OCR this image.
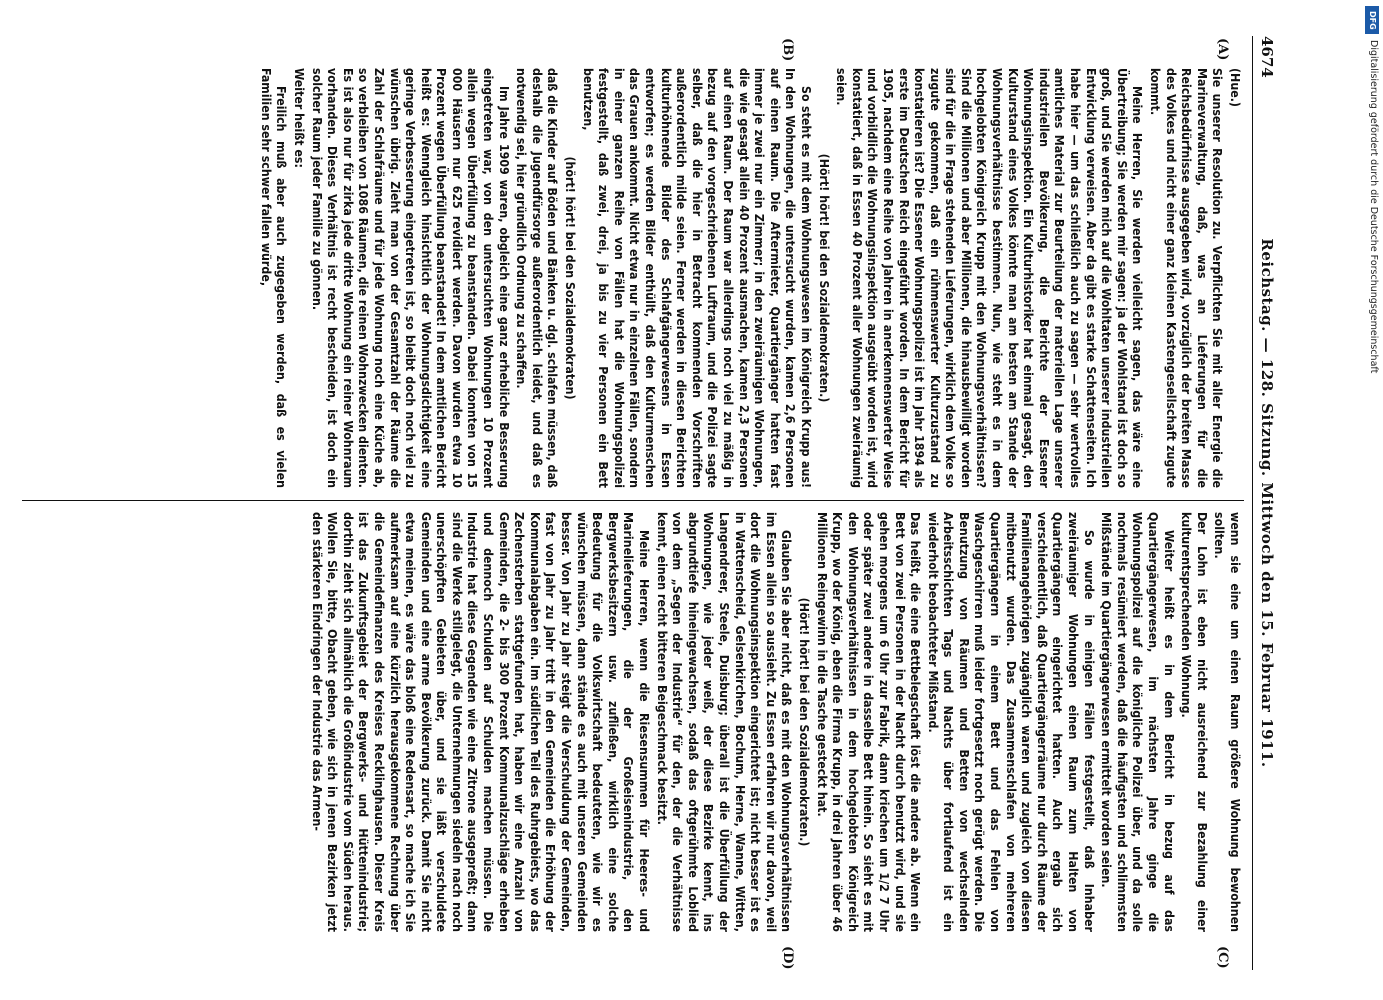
4674
Reichstag. — 128. Sitzung. Mittwoch den 15. Februar 1911.
(A)
(B)
(C)
(D)

(Hue.)

Sie unserer Resolution zu. Verpflichten Sie mit aller Energie die Marineverwaltung, daß, was an Lieferungen für die Reichsbedürfnisse ausgegeben wird, vorzüglich der breiten Masse des Volkes und nicht einer ganz kleinen Kastengesellschaft zugute kommt.

Meine Herren, Sie werden vielleicht sagen, das wäre eine Übertreibung; Sie werden mir sagen: ja der Wohlstand ist doch so groß, und Sie werden mich auf die Wohltaten unserer industriellen Entwicklung verweisen. Aber da gibt es starke Schattenseiten. Ich habe hier — um das schließlich auch zu sagen — sehr wertvolles amtliches Material zur Beurteilung der materiellen Lage unserer industriellen Bevölkerung, die Berichte der Essener Wohnungsinspektion. Ein Kulturhistoriker hat einmal gesagt, den Kulturstand eines Volkes könnte man am besten am Stande der Wohnungsverhältnisse bestimmen. Nun, wie steht es in dem hochgelobten Königreich Krupp mit den Wohnungsverhältnissen? Sind die Millionen und aber Millionen, die hinausbewilligt worden sind für die in Frage stehenden Lieferungen, wirklich dem Volke so zugute gekommen, daß ein rühmenswerter Kulturzustand zu konstatieren ist? Die Essener Wohnungspolizei ist im Jahr 1894 als erste im Deutschen Reich eingeführt worden. In dem Bericht für 1905, nachdem eine Reihe von Jahren in anerkennenswerter Weise und vorbildlich die Wohnungsinspektion ausgeübt worden ist, wird konstatiert, daß in Essen 40 Prozent aller Wohnungen zweiräumig seien.

(Hört! hört! bei den Sozialdemokraten.)

So steht es mit dem Wohnungswesen im Königreich Krupp aus! In den Wohnungen, die untersucht wurden, kamen 2,6 Personen auf einen Raum. Die Aftermieter, Quartiergänger hatten fast immer je zwei nur ein Zimmer; in den zweiräumigen Wohnungen, die wie gesagt allein 40 Prozent ausmachen, kamen 2,3 Personen auf einen Raum. Der Raum war allerdings noch viel zu mäßig in bezug auf den vorgeschriebenen Luftraum, und die Polizei sagte selber, daß die hier in Betracht kommenden Vorschriften außerordentlich milde seien. Ferner werden in diesen Berichten kulturhöhnende Bilder des Schlafgängerwesens in Essen entworfen; es werden Bilder enthüllt, daß den Kulturmenschen das Grauen ankommt. Nicht etwa nur in einzelnen Fällen, sondern in einer ganzen Reihe von Fällen hat die Wohnungspolizei festgestellt, daß zwei, drei, ja bis zu vier Personen ein Bett benutzen,

(hört! hört! bei den Sozialdemokraten)

daß die Kinder auf Böden und Bänken u. dgl. schlafen müssen, daß deshalb die Jugendfürsorge außerordentlich leidet, und daß es notwendig sei, hier gründlich Ordnung zu schaffen.

Im Jahre 1909 waren, obgleich eine ganz erhebliche Besserung eingetreten war, von den untersuchten Wohnungen 10 Prozent allein wegen Überfüllung zu beanstanden. Dabei konnten von 15 000 Häusern nur 625 revidiert werden. Davon wurden etwa 10 Prozent wegen Überfüllung beanstandet! In dem amtlichen Bericht heißt es: Wenngleich hinsichtlich der Wohnungsdichtigkeit eine geringe Verbesserung eingetreten ist, so bleibt doch noch viel zu wünschen übrig. Zieht man von der Gesamtzahl der Räume die Zahl der Schlafräume und für jede Wohnung noch eine Küche ab, so verbleiben von 1086 Räumen, die reinen Wohnzwecken dienten. Es ist also nur für zirka jede dritte Wohnung ein reiner Wohnraum vorhanden. Dieses Verhältnis ist recht bescheiden, ist doch ein solcher Raum jeder Familie zu gönnen.

Weiter heißt es:

Freilich muß aber auch zugegeben werden, daß es vielen Familien sehr schwer fallen würde,

wenn sie eine um einen Raum größere Wohnung bewohnen sollten.

Der Lohn ist eben nicht ausreichend zur Bezahlung einer kulturentsprechenden Wohnung.

Weiter heißt es in dem Bericht in bezug auf das Quartiergängerwesen, im nächsten Jahre ginge die Wohnungspolizei auf die königliche Polizei über, und da solle nochmals resümiert werden, daß die häufigsten und schlimmsten Mißstände im Quartiergängerwesen ermittelt worden seien.

So wurde in einigen Fällen festgestellt, daß Inhaber zweiräumiger Wohnungen einen Raum zum Halten von Quartiergängern eingerichtet hatten. Auch ergab sich verschiedentlich, daß Quartiergängerräume nur durch Räume der Familienangehörigen zugänglich waren und zugleich von diesen mitbenutzt wurden. Das Zusammenschlafen von mehreren Quartiergängern in einem Bett und das Fehlen von Waschgeschirren muß leider fortgesetzt noch gerügt werden. Die Benutzung von Räumen und Betten von wechselnden Arbeitsschichten Tags und Nachts über fortlaufend ist ein wiederholt beobachteter Mißstand.

Das heißt, die eine Bettbelegschaft löst die andere ab. Wenn ein Bett von zwei Personen in der Nacht durch benutzt wird, und sie gehen morgens um 6 Uhr zur Fabrik, dann kriechen um 1/2 7 Uhr oder später zwei andere in dasselbe Bett hinein. So sieht es mit den Wohnungsverhältnissen in dem hochgelobten Königreich Krupp, wo der König, eben die Firma Krupp, in drei Jahren über 46 Millionen Reingewinn in die Tasche gesteckt hat.

(Hört! hört! bei den Sozialdemokraten.)

Glauben Sie aber nicht, daß es mit den Wohnungsverhältnissen im Essen allein so aussieht. Zu Essen erfahren wir nur davon, weil dort die Wohnungsinspektion eingerichtet ist; nicht besser ist es in Wattenscheid, Gelsenkirchen, Bochum, Herne, Wanne, Witten, Langendreer, Steele, Duisburg; überall ist die Überfüllung der Wohnungen, wie jeder weiß, der diese Bezirke kennt, ins abgrundtiefe hineingewachsen, sodaß das oftgerühmte Loblied von dem „Segen der Industrie“ für den, der die Verhältnisse kennt, einen recht bitteren Beigeschmack besitzt.

Meine Herren, wenn die Riesensummen für Heeres- und Marinelieferungen, die der Großeisenindustrie, den Bergwerksbesitzern usw. zufließen, wirklich eine solche Bedeutung für die Volkswirtschaft bedeuteten, wie wir es wünschen müssen, dann stände es auch mit unseren Gemeinden besser. Von Jahr zu Jahr steigt die Verschuldung der Gemeinden, fast von Jahr zu Jahr tritt in den Gemeinden die Erhöhung der Kommunalabgaben ein. Im südlichen Teil des Ruhrgebiets, wo das Zechensterben stattgefunden hat, haben wir eine Anzahl von Gemeinden, die 2- bis 300 Prozent Kommunalzuschläge erheben und dennoch Schulden auf Schulden machen müssen. Die Industrie hat diese Gegenden wie eine Zitrone ausgepreßt; dann sind die Werke stillgelegt, die Unternehmungen siedeln nach noch unerschöpften Gebieten über, und sie läßt verschuldete Gemeinden und eine arme Bevölkerung zurück. Damit Sie nicht etwa meinen, es wäre das bloß eine Redensart, so mache ich Sie aufmerksam auf eine kürzlich herausgekommene Rechnung über die Gemeindefinanzen des Kreises Recklinghausen. Dieser Kreis ist das Zukunftsgebiet der Bergwerks- und Hüttenindustrie; dorthin zieht sich allmählich die Großindustrie vom Süden heraus. Wollen Sie, bitte, Obacht geben, wie sich in jenen Bezirken jetzt den stärkeren Eindringen der Industrie das Armen-

DFG
Digitalisierung gefördert durch die Deutsche Forschungsgemeinschaft
